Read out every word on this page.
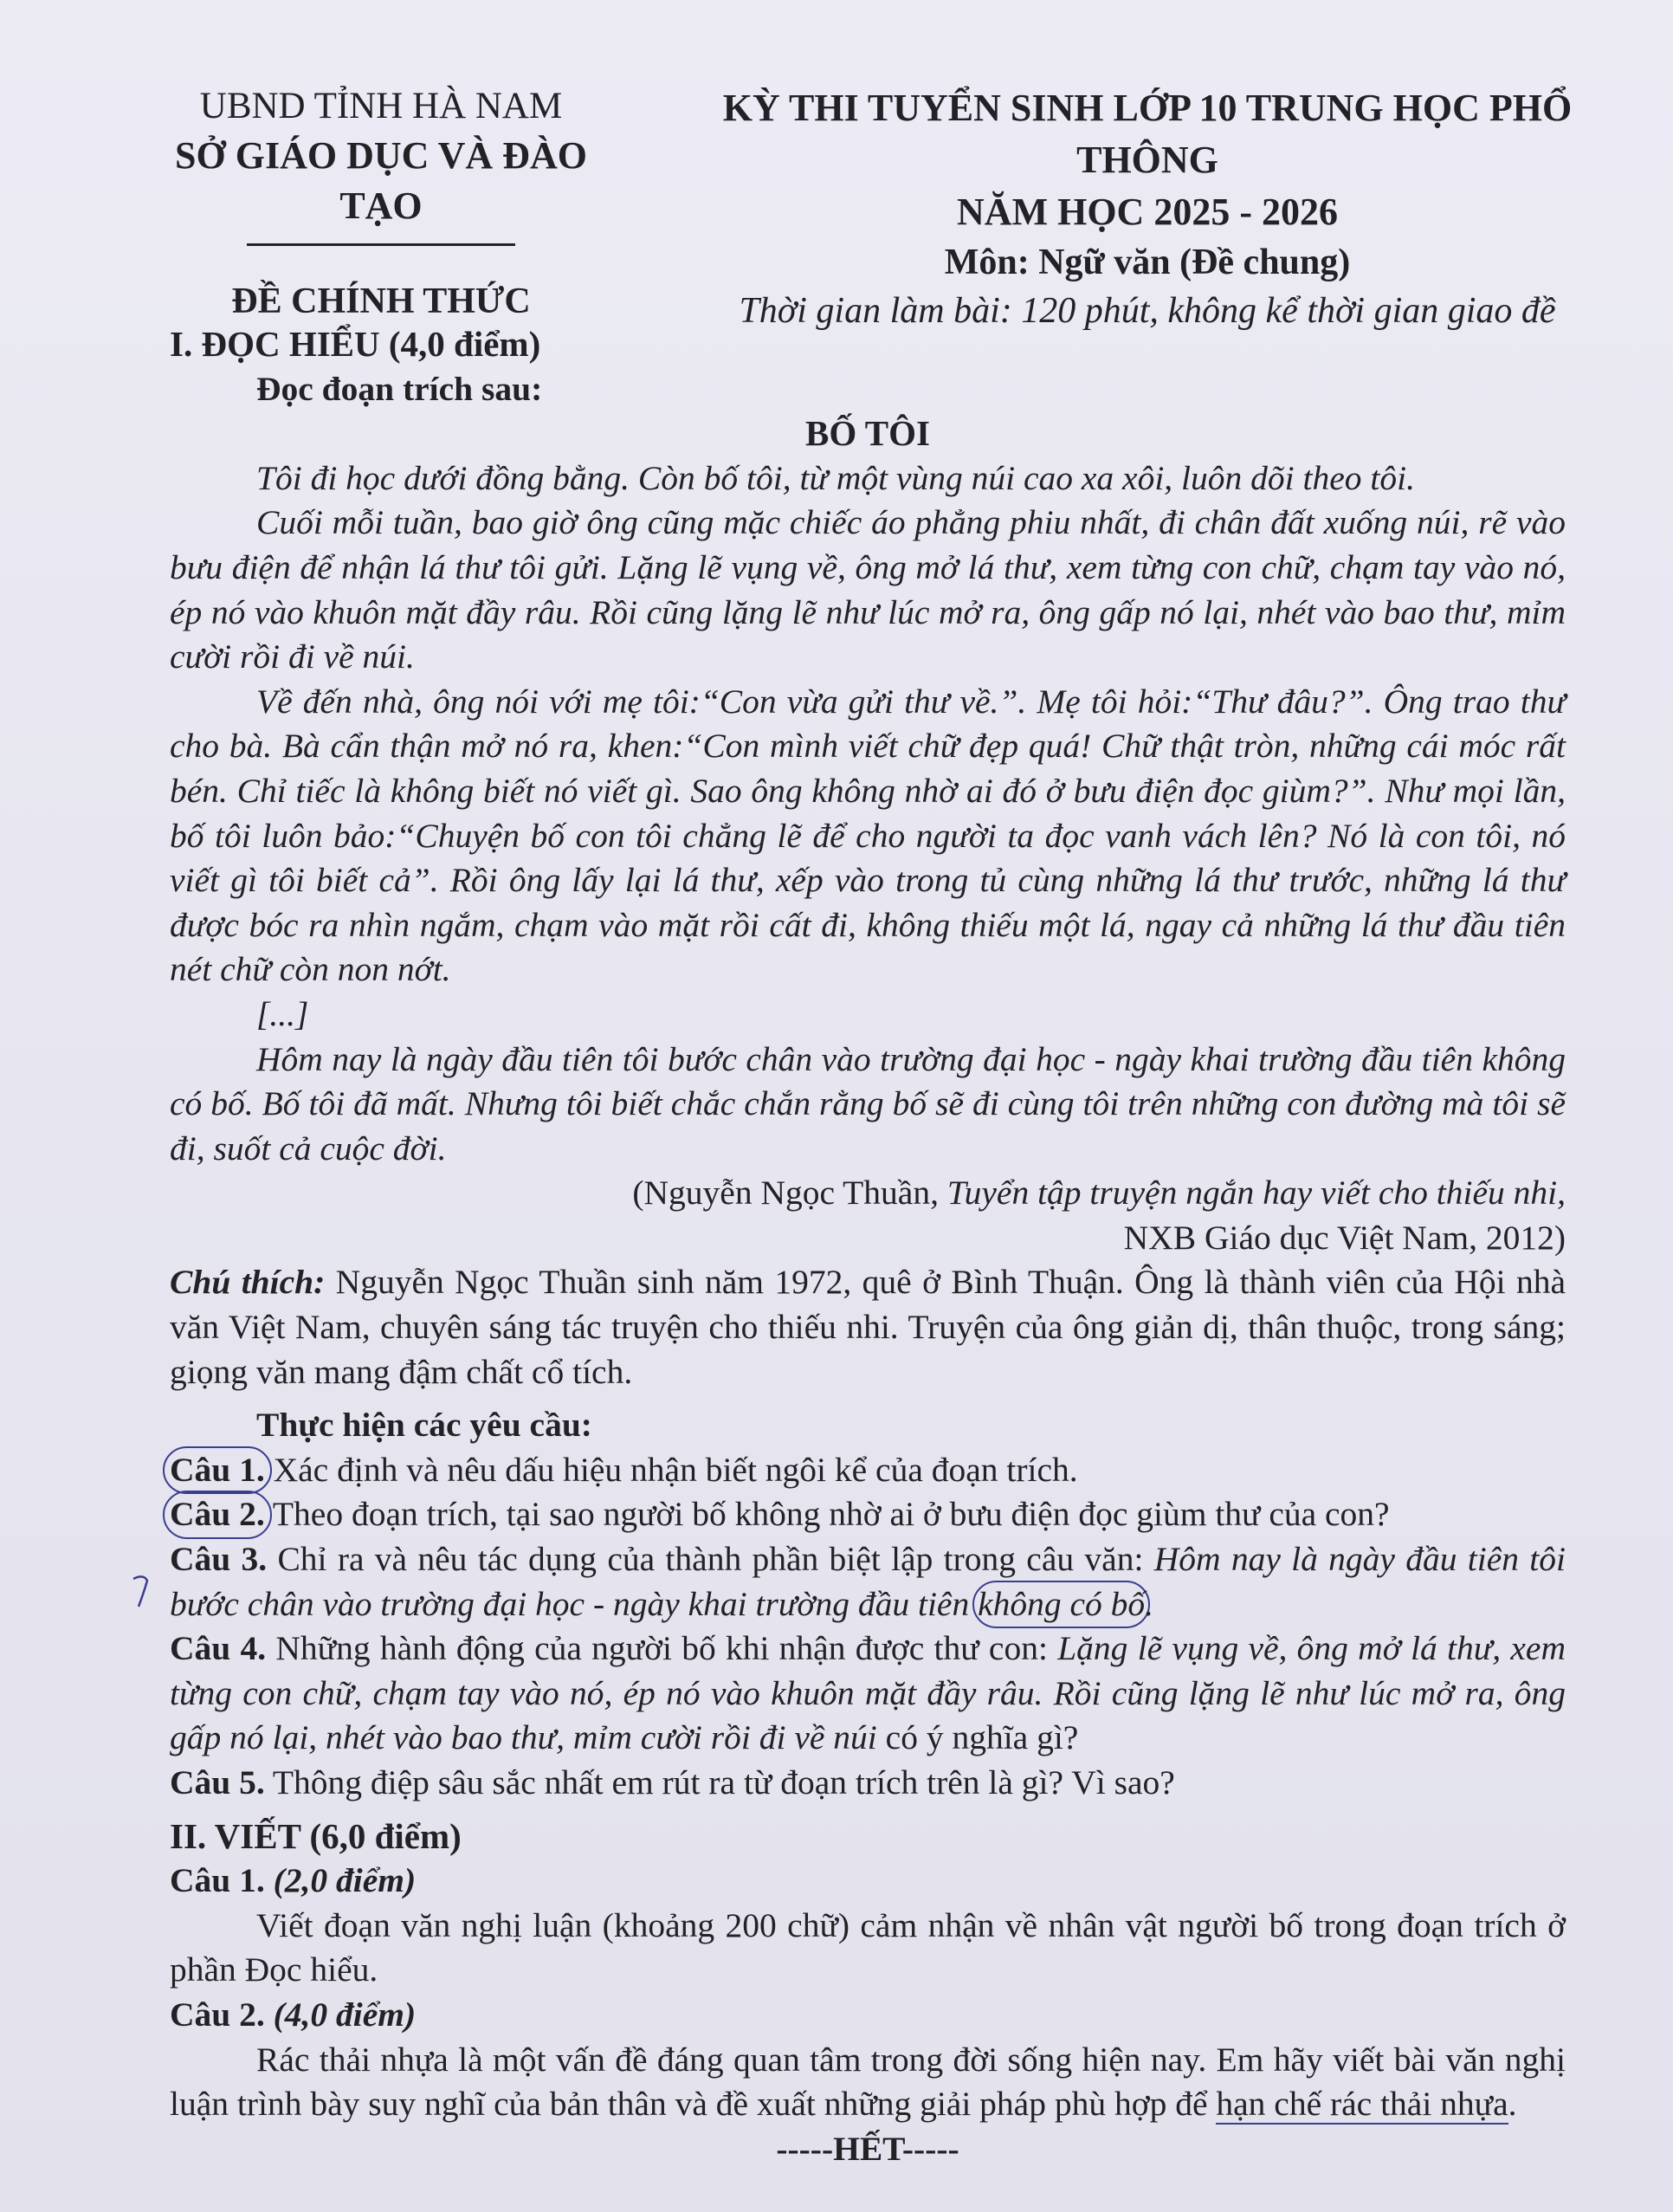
UBND TỈNH HÀ NAM
SỞ GIÁO DỤC VÀ ĐÀO TẠO
ĐỀ CHÍNH THỨC
KỲ THI TUYỂN SINH LỚP 10 TRUNG HỌC PHỔ THÔNG
NĂM HỌC 2025 - 2026
Môn: Ngữ văn (Đề chung)
Thời gian làm bài: 120 phút, không kể thời gian giao đề

I. ĐỌC HIỂU (4,0 điểm)

Đọc đoạn trích sau:

BỐ TÔI

Tôi đi học dưới đồng bằng. Còn bố tôi, từ một vùng núi cao xa xôi, luôn dõi theo tôi.

Cuối mỗi tuần, bao giờ ông cũng mặc chiếc áo phẳng phiu nhất, đi chân đất xuống núi, rẽ vào bưu điện để nhận lá thư tôi gửi. Lặng lẽ vụng về, ông mở lá thư, xem từng con chữ, chạm tay vào nó, ép nó vào khuôn mặt đầy râu. Rồi cũng lặng lẽ như lúc mở ra, ông gấp nó lại, nhét vào bao thư, mỉm cười rồi đi về núi.

Về đến nhà, ông nói với mẹ tôi:“Con vừa gửi thư về.”. Mẹ tôi hỏi:“Thư đâu?”. Ông trao thư cho bà. Bà cẩn thận mở nó ra, khen:“Con mình viết chữ đẹp quá! Chữ thật tròn, những cái móc rất bén. Chỉ tiếc là không biết nó viết gì. Sao ông không nhờ ai đó ở bưu điện đọc giùm?”. Như mọi lần, bố tôi luôn bảo:“Chuyện bố con tôi chẳng lẽ để cho người ta đọc vanh vách lên? Nó là con tôi, nó viết gì tôi biết cả”. Rồi ông lấy lại lá thư, xếp vào trong tủ cùng những lá thư trước, những lá thư được bóc ra nhìn ngắm, chạm vào mặt rồi cất đi, không thiếu một lá, ngay cả những lá thư đầu tiên nét chữ còn non nớt.

[...]

Hôm nay là ngày đầu tiên tôi bước chân vào trường đại học - ngày khai trường đầu tiên không có bố. Bố tôi đã mất. Nhưng tôi biết chắc chắn rằng bố sẽ đi cùng tôi trên những con đường mà tôi sẽ đi, suốt cả cuộc đời.

(Nguyễn Ngọc Thuần, Tuyển tập truyện ngắn hay viết cho thiếu nhi,

NXB Giáo dục Việt Nam, 2012)

Chú thích: Nguyễn Ngọc Thuần sinh năm 1972, quê ở Bình Thuận. Ông là thành viên của Hội nhà văn Việt Nam, chuyên sáng tác truyện cho thiếu nhi. Truyện của ông giản dị, thân thuộc, trong sáng; giọng văn mang đậm chất cổ tích.

Thực hiện các yêu cầu:

Câu 1. Xác định và nêu dấu hiệu nhận biết ngôi kể của đoạn trích.

Câu 2. Theo đoạn trích, tại sao người bố không nhờ ai ở bưu điện đọc giùm thư của con?

Câu 3. Chỉ ra và nêu tác dụng của thành phần biệt lập trong câu văn: Hôm nay là ngày đầu tiên tôi bước chân vào trường đại học - ngày khai trường đầu tiên không có bố.

Câu 4. Những hành động của người bố khi nhận được thư con: Lặng lẽ vụng về, ông mở lá thư, xem từng con chữ, chạm tay vào nó, ép nó vào khuôn mặt đầy râu. Rồi cũng lặng lẽ như lúc mở ra, ông gấp nó lại, nhét vào bao thư, mỉm cười rồi đi về núi có ý nghĩa gì?

Câu 5. Thông điệp sâu sắc nhất em rút ra từ đoạn trích trên là gì? Vì sao?

II. VIẾT (6,0 điểm)

Câu 1. (2,0 điểm)

Viết đoạn văn nghị luận (khoảng 200 chữ) cảm nhận về nhân vật người bố trong đoạn trích ở phần Đọc hiểu.

Câu 2. (4,0 điểm)

Rác thải nhựa là một vấn đề đáng quan tâm trong đời sống hiện nay. Em hãy viết bài văn nghị luận trình bày suy nghĩ của bản thân và đề xuất những giải pháp phù hợp để hạn chế rác thải nhựa.

-----HẾT-----
